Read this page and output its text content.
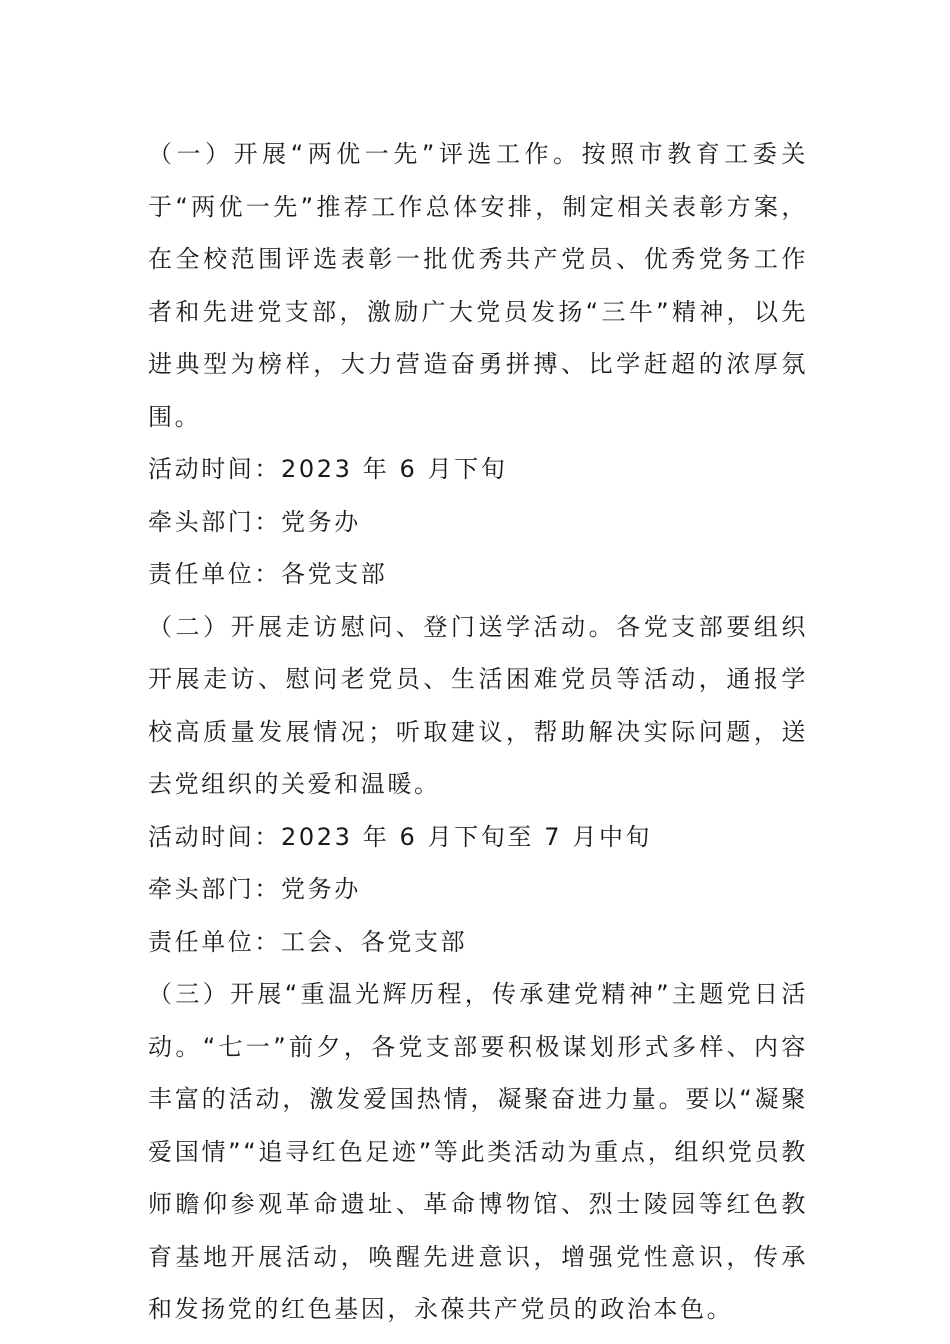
（一）开展“两优一先”评选工作。按照市教育工委关于“两优一先”推荐工作总体安排，制定相关表彰方案，在全校范围评选表彰一批优秀共产党员、优秀党务工作者和先进党支部，激励广大党员发扬“三牛”精神，以先进典型为榜样，大力营造奋勇拼搏、比学赶超的浓厚氛围。

活动时间：2023 年 6 月下旬

牵头部门：党务办

责任单位：各党支部

（二）开展走访慰问、登门送学活动。各党支部要组织开展走访、慰问老党员、生活困难党员等活动，通报学校高质量发展情况；听取建议，帮助解决实际问题，送去党组织的关爱和温暖。

活动时间：2023 年 6 月下旬至 7 月中旬

牵头部门：党务办

责任单位：工会、各党支部

（三）开展“重温光辉历程，传承建党精神”主题党日活动。“七一”前夕，各党支部要积极谋划形式多样、内容丰富的活动，激发爱国热情，凝聚奋进力量。要以“凝聚爱国情”“追寻红色足迹”等此类活动为重点，组织党员教师瞻仰参观革命遗址、革命博物馆、烈士陵园等红色教育基地开展活动，唤醒先进意识，增强党性意识，传承和发扬党的红色基因，永葆共产党员的政治本色。
